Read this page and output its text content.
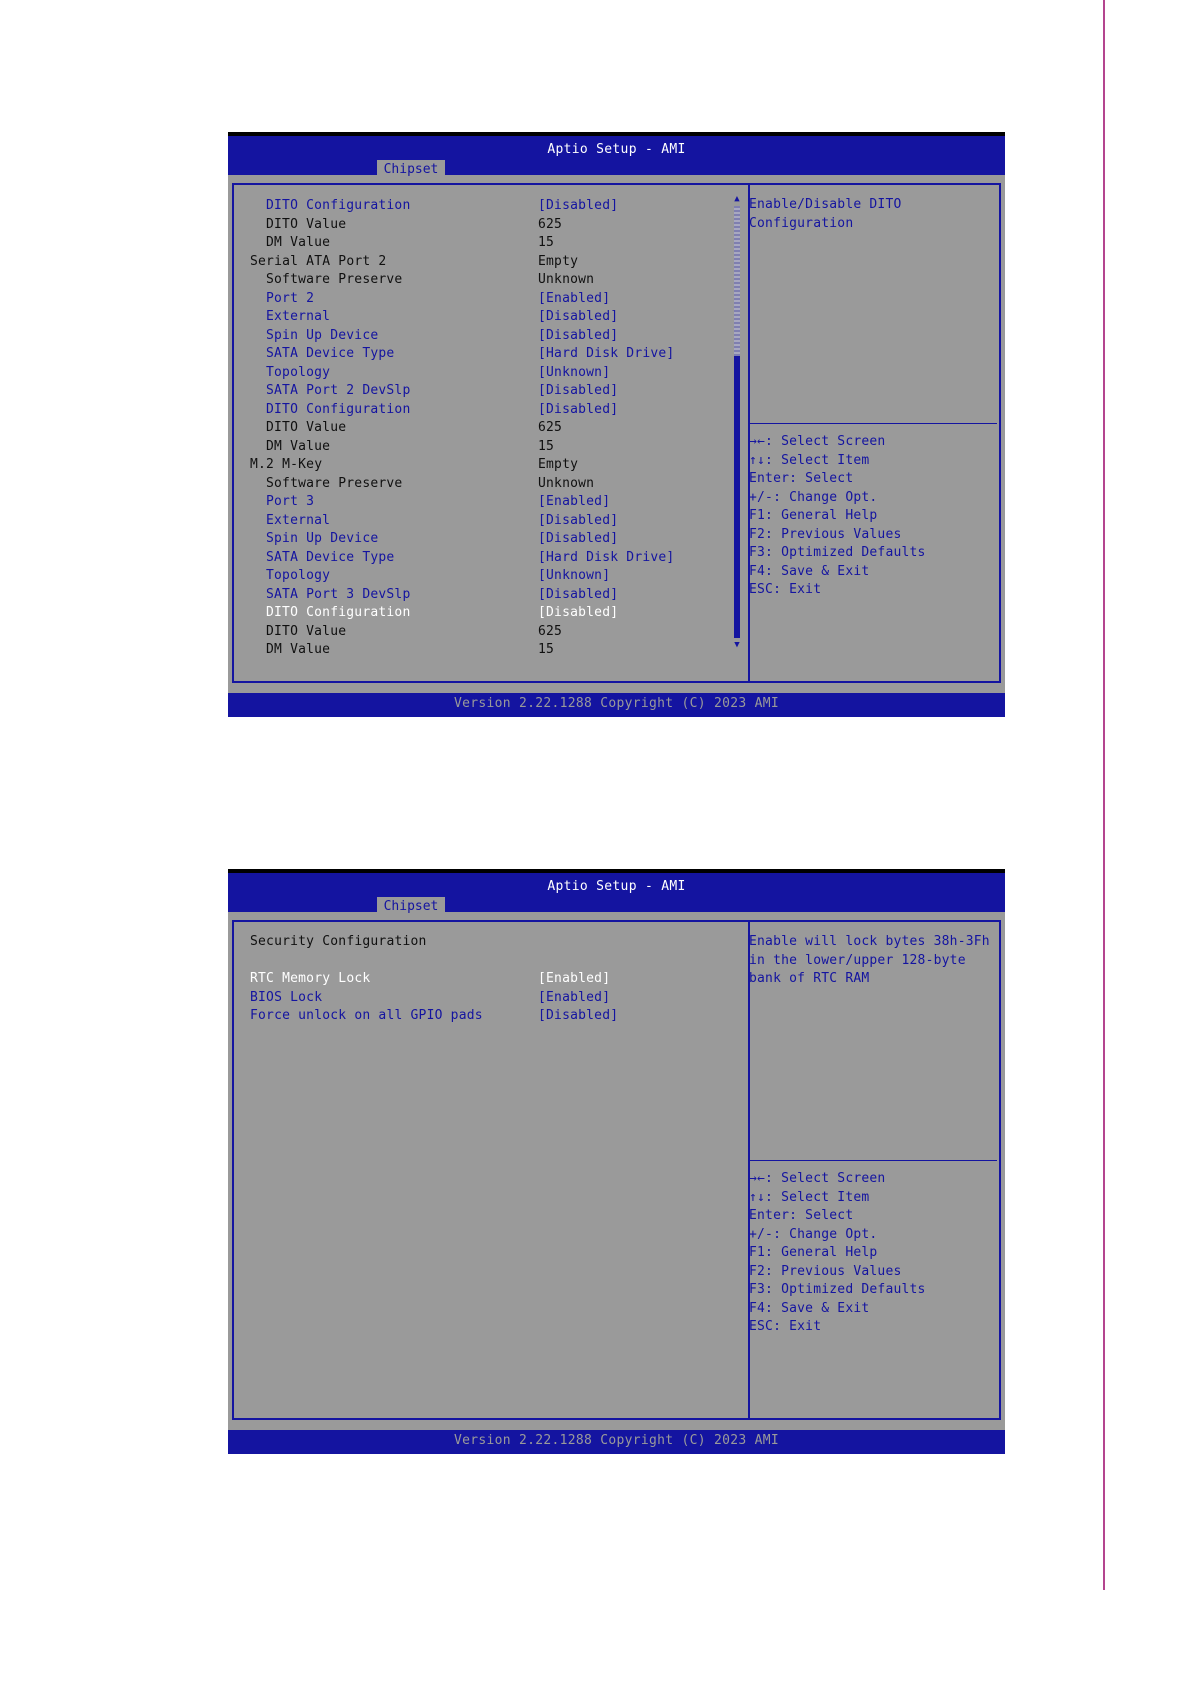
Aptio Setup - AMI
Chipset
DITO Configuration	[Disabled]
DITO Value	625
DM Value	15
Serial ATA Port 2	Empty
Software Preserve	Unknown
Port 2	[Enabled]
External	[Disabled]
Spin Up Device	[Disabled]
SATA Device Type	[Hard Disk Drive]
Topology	[Unknown]
SATA Port 2 DevSlp	[Disabled]
DITO Configuration	[Disabled]
DITO Value	625
DM Value	15
M.2 M-Key	Empty
Software Preserve	Unknown
Port 3	[Enabled]
External	[Disabled]
Spin Up Device	[Disabled]
SATA Device Type	[Hard Disk Drive]
Topology	[Unknown]
SATA Port 3 DevSlp	[Disabled]
DITO Configuration	[Disabled]
DITO Value	625
DM Value	15
▲
▼
Enable/Disable DITO
Configuration
→←: Select Screen
↑↓: Select Item
Enter: Select
+/-: Change Opt.
F1: General Help
F2: Previous Values
F3: Optimized Defaults
F4: Save & Exit
ESC: Exit
Version 2.22.1288 Copyright (C) 2023 AMI
Aptio Setup - AMI
Chipset
Security Configuration
RTC Memory Lock	[Enabled]
BIOS Lock	[Enabled]
Force unlock on all GPIO pads	[Disabled]
Enable will lock bytes 38h-3Fh
in the lower/upper 128-byte
bank of RTC RAM
→←: Select Screen
↑↓: Select Item
Enter: Select
+/-: Change Opt.
F1: General Help
F2: Previous Values
F3: Optimized Defaults
F4: Save & Exit
ESC: Exit
Version 2.22.1288 Copyright (C) 2023 AMI
